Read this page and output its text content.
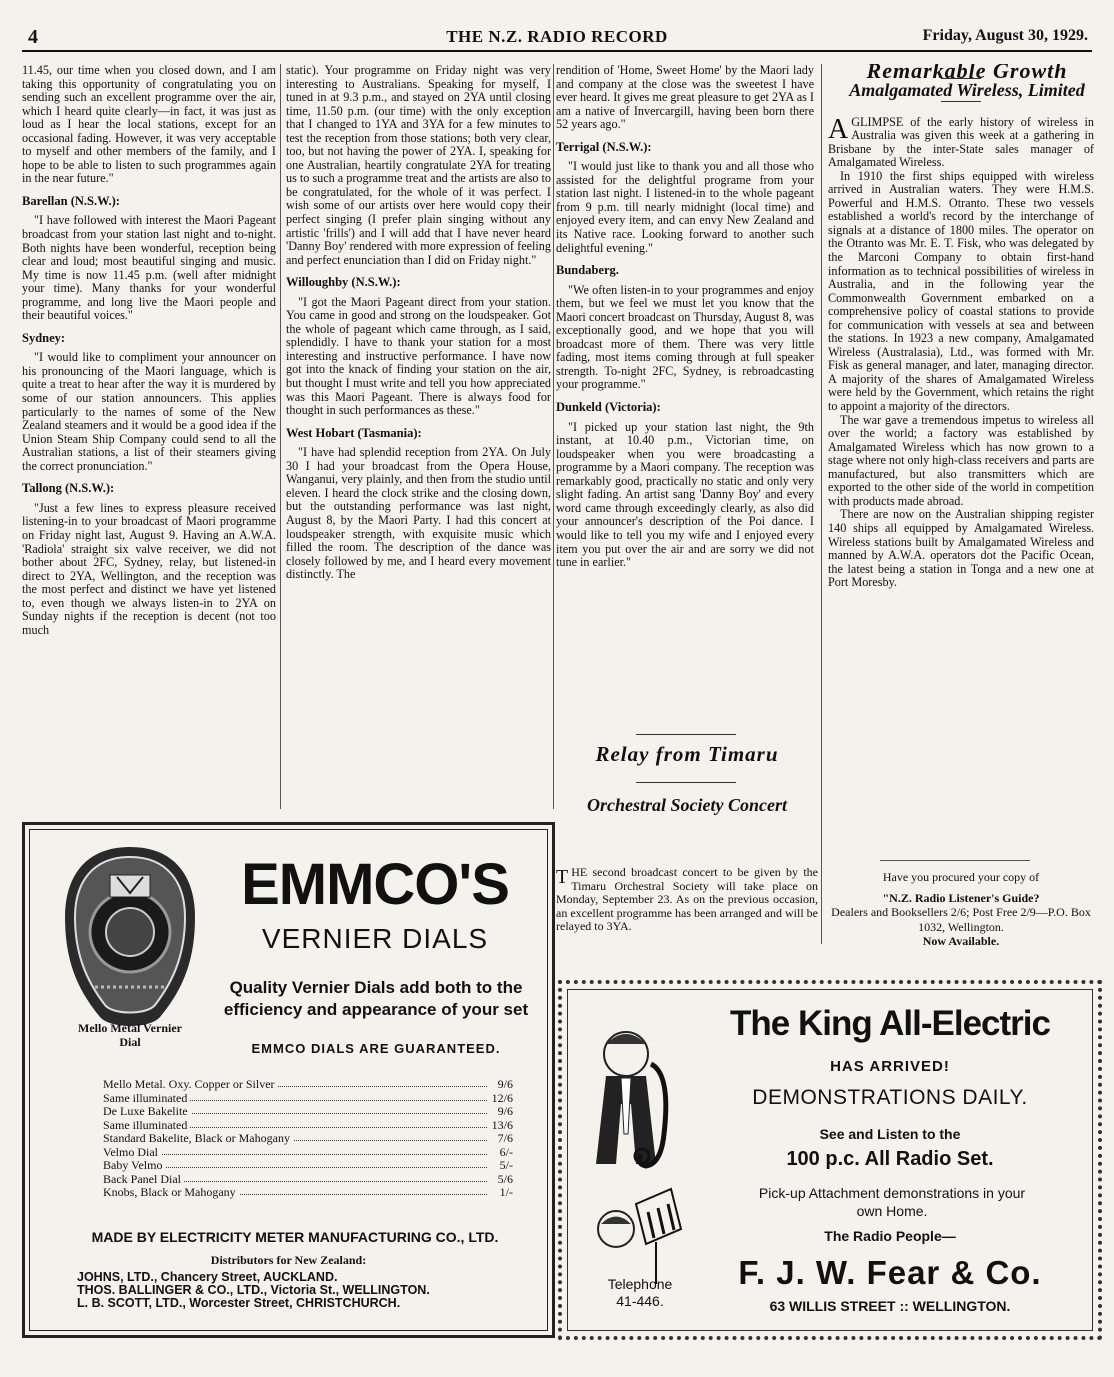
4	THE N.Z. RADIO RECORD	Friday, August 30, 1929.

11.45, our time when you closed down, and I am taking this opportunity of congratulating you on sending such an excellent programme over the air, which I heard quite clearly—in fact, it was just as loud as I hear the local stations, except for an occasional fading. However, it was very acceptable to myself and other members of the family, and I hope to be able to listen to such programmes again in the near future."

Barellan (N.S.W.):

"I have followed with interest the Maori Pageant broadcast from your station last night and to-night. Both nights have been wonderful, reception being clear and loud; most beautiful singing and music. My time is now 11.45 p.m. (well after midnight your time). Many thanks for your wonderful programme, and long live the Maori people and their beautiful voices."

Sydney:

"I would like to compliment your announcer on his pronouncing of the Maori language, which is quite a treat to hear after the way it is murdered by some of our station announcers. This applies particularly to the names of some of the New Zealand steamers and it would be a good idea if the Union Steam Ship Company could send to all the Australian stations, a list of their steamers giving the correct pronunciation."

Tallong (N.S.W.):

"Just a few lines to express pleasure received listening-in to your broadcast of Maori programme on Friday night last, August 9. Having an A.W.A. 'Radiola' straight six valve receiver, we did not bother about 2FC, Sydney, relay, but listened-in direct to 2YA, Wellington, and the reception was the most perfect and distinct we have yet listened to, even though we always listen-in to 2YA on Sunday nights if the reception is decent (not too much

static). Your programme on Friday night was very interesting to Australians. Speaking for myself, I tuned in at 9.3 p.m., and stayed on 2YA until closing time, 11.50 p.m. (our time) with the only exception that I changed to 1YA and 3YA for a few minutes to test the reception from those stations; both very clear, too, but not having the power of 2YA. I, speaking for one Australian, heartily congratulate 2YA for treating us to such a programme treat and the artists are also to be congratulated, for the whole of it was perfect. I wish some of our artists over here would copy their perfect singing (I prefer plain singing without any artistic 'frills') and I will add that I have never heard 'Danny Boy' rendered with more expression of feeling and perfect enunciation than I did on Friday night."

Willoughby (N.S.W.):

"I got the Maori Pageant direct from your station. You came in good and strong on the loudspeaker. Got the whole of pageant which came through, as I said, splendidly. I have to thank your station for a most interesting and instructive performance. I have now got into the knack of finding your station on the air, but thought I must write and tell you how appreciated was this Maori Pageant. There is always food for thought in such performances as these."

West Hobart (Tasmania):

"I have had splendid reception from 2YA. On July 30 I had your broadcast from the Opera House, Wanganui, very plainly, and then from the studio until eleven. I heard the clock strike and the closing down, but the outstanding performance was last night, August 8, by the Maori Party. I had this concert at loudspeaker strength, with exquisite music which filled the room. The description of the dance was closely followed by me, and I heard every movement distinctly. The

rendition of 'Home, Sweet Home' by the Maori lady and company at the close was the sweetest I have ever heard. It gives me great pleasure to get 2YA as I am a native of Invercargill, having been born there 52 years ago."

Terrigal (N.S.W.):

"I would just like to thank you and all those who assisted for the delightful programe from your station last night. I listened-in to the whole pageant from 9 p.m. till nearly midnight (local time) and enjoyed every item, and can envy New Zealand and its Native race. Looking forward to another such delightful evening."

Bundaberg.

"We often listen-in to your programmes and enjoy them, but we feel we must let you know that the Maori concert broadcast on Thursday, August 8, was exceptionally good, and we hope that you will broadcast more of them. There was very little fading, most items coming through at full speaker strength. To-night 2FC, Sydney, is rebroadcasting your programme."

Dunkeld (Victoria):

"I picked up your station last night, the 9th instant, at 10.40 p.m., Victorian time, on loudspeaker when you were broadcasting a programme by a Maori company. The reception was remarkably good, practically no static and only very slight fading. An artist sang 'Danny Boy' and every word came through exceedingly clearly, as also did your announcer's description of the Poi dance. I would like to tell you my wife and I enjoyed every item you put over the air and are sorry we did not tune in earlier."

Relay from Timaru
Orchestral Society Concert
THE second broadcast concert to be given by the Timaru Orchestral Society will take place on Monday, September 23. As on the previous occasion, an excellent programme has been arranged and will be relayed to 3YA.

Remarkable Growth

Amalgamated Wireless, Limited

AGLIMPSE of the early history of wireless in Australia was given this week at a gathering in Brisbane by the inter-State sales manager of Amalgamated Wireless.

In 1910 the first ships equipped with wireless arrived in Australian waters. They were H.M.S. Powerful and H.M.S. Otranto. These two vessels established a world's record by the interchange of signals at a distance of 1800 miles. The operator on the Otranto was Mr. E. T. Fisk, who was delegated by the Marconi Company to obtain first-hand information as to technical possibilities of wireless in Australia, and in the following year the Commonwealth Government embarked on a comprehensive policy of coastal stations to provide for communication with vessels at sea and between the stations. In 1923 a new company, Amalgamated Wireless (Australasia), Ltd., was formed with Mr. Fisk as general manager, and later, managing director. A majority of the shares of Amalgamated Wireless were held by the Government, which retains the right to appoint a majority of the directors.

The war gave a tremendous impetus to wireless all over the world; a factory was established by Amalgamated Wireless which has now grown to a stage where not only high-class receivers and parts are manufactured, but also transmitters which are exported to the other side of the world in competition with products made abroad.

There are now on the Australian shipping register 140 ships all equipped by Amalgamated Wireless. Wireless stations built by Amalgamated Wireless and manned by A.W.A. operators dot the Pacific Ocean, the latest being a station in Tonga and a new one at Port Moresby.

Have you procured your copy of
"N.Z. Radio Listener's Guide?
Dealers and Booksellers 2/6; Post Free 2/9—P.O. Box 1032, Wellington.
Now Available.
Mello Metal Vernier Dial
EMMCO'S
VERNIER DIALS
Quality Vernier Dials add both to the
efficiency and appearance of your set
EMMCO DIALS ARE GUARANTEED.
MADE BY ELECTRICITY METER MANUFACTURING CO., LTD.
Distributors for New Zealand:
JOHNS, LTD., Chancery Street, AUCKLAND.
THOS. BALLINGER & CO., LTD., Victoria St., WELLINGTON.
L. B. SCOTT, LTD., Worcester Street, CHRISTCHURCH.
Mello Metal. Oxy. Copper or Silver	9/6
Same illuminated	12/6
De Luxe Bakelite	9/6
Same illuminated	13/6
Standard Bakelite, Black or Mahogany	7/6
Velmo Dial	6/-
Baby Velmo	5/-
Back Panel Dial	5/6
Knobs, Black or Mahogany	1/-
Telephone
41-446.
The King All-Electric
HAS ARRIVED!
DEMONSTRATIONS DAILY.
See and Listen to the
100 p.c. All Radio Set.
Pick-up Attachment demonstrations in your own Home.
The Radio People—
F. J. W. Fear & Co.
63 WILLIS STREET :: WELLINGTON.
